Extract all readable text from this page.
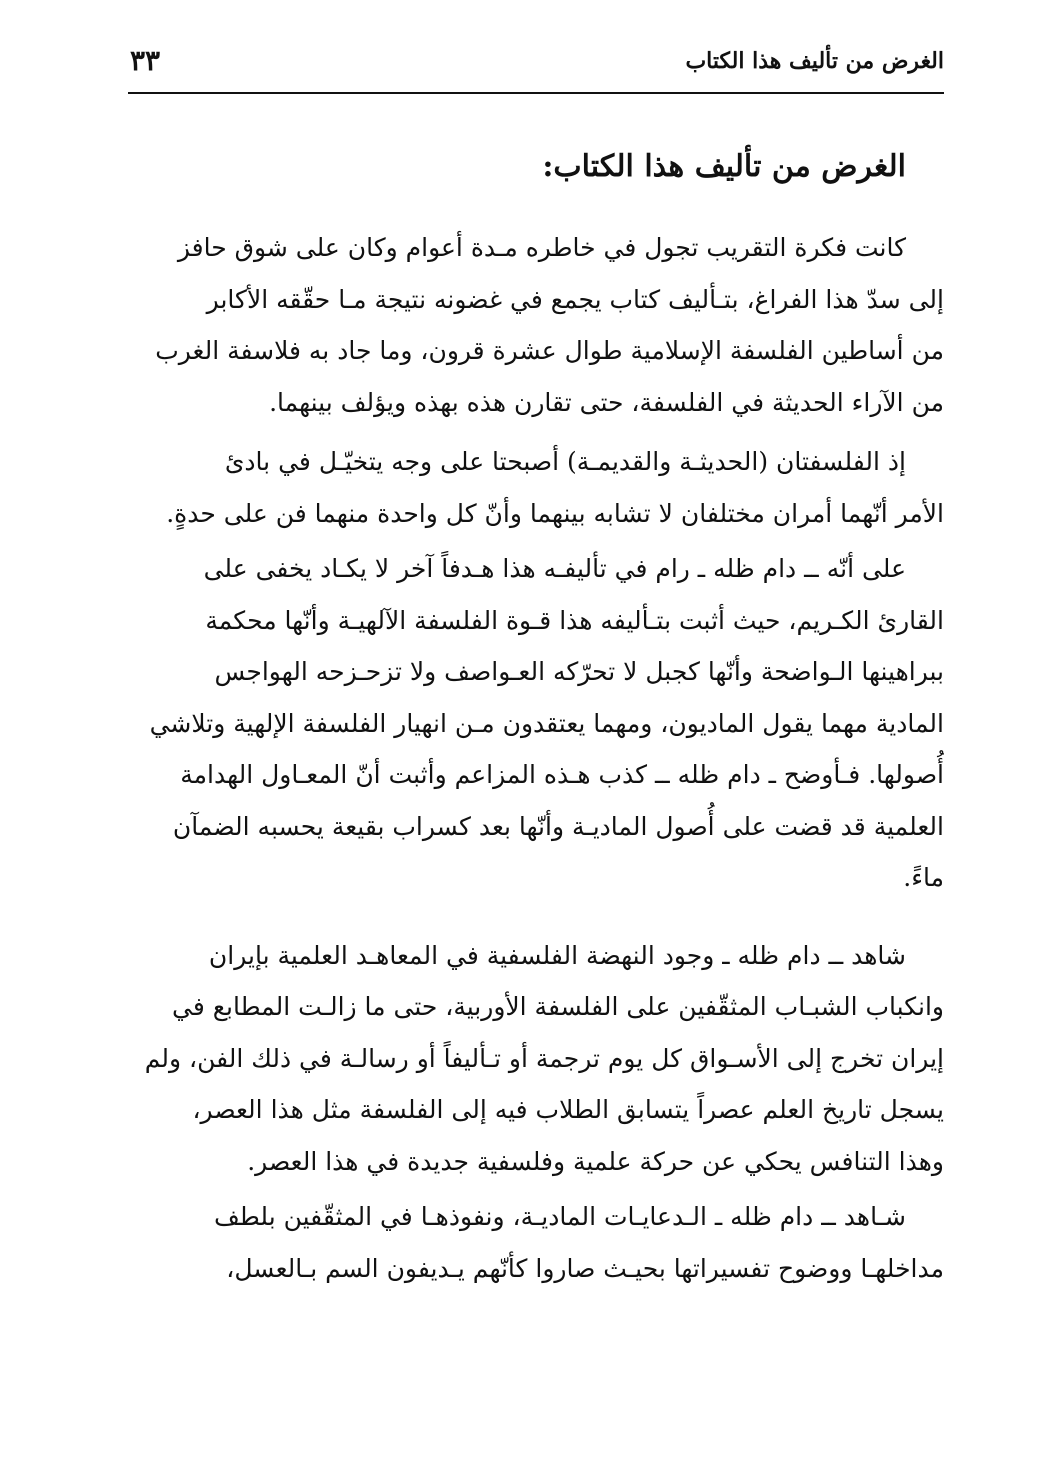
الغرض من تأليف هذا الكتاب
٣٣
الغرض من تأليف هذا الكتاب:

كانت فكرة التقريب تجول في خاطره مـدة أعوام وكان على شوق حافز
إلى سدّ هذا الفراغ، بتـأليف كتاب يجمع في غضونه نتيجة مـا حقّقه الأكابر
من أساطين الفلسفة الإسلامية طوال عشرة قرون، وما جاد به فلاسفة الغرب
من الآراء الحديثة في الفلسفة، حتى تقارن هذه بهذه ويؤلف بينهما.

إذ الفلسفتان (الحديثـة والقديمـة) أصبحتا على وجه يتخيّـل في بادئ
الأمر أنّهما أمران مختلفان لا تشابه بينهما وأنّ كل واحدة منهما فن على حدةٍ.

على أنّه ــ دام ظله ـ رام في تأليفـه هذا هـدفاً آخر لا يكـاد يخفى على
القارئ الكـريم، حيث أثبت بتـأليفه هذا قـوة الفلسفة الآلهيـة وأنّها محكمة
ببراهينها الـواضحة وأنّها كجبل لا تحرّكه العـواصف ولا تزحـزحه الهواجس
المادية مهما يقول الماديون، ومهما يعتقدون مـن انهيار الفلسفة الإلهية وتلاشي
أُصولها. فـأوضح ـ دام ظله ــ كذب هـذه المزاعم وأثبت أنّ المعـاول الهدامة
العلمية قد قضت على أُصول الماديـة وأنّها بعد كسراب بقيعة يحسبه الضمآن
ماءً.

شاهد ــ دام ظله ـ وجود النهضة الفلسفية في المعاهـد العلمية بإيران
وانكباب الشبـاب المثقّفين على الفلسفة الأوربية، حتى ما زالـت المطابع في
إيران تخرج إلى الأسـواق كل يوم ترجمة أو تـأليفاً أو رسالـة في ذلك الفن، ولم
يسجل تاريخ العلم عصراً يتسابق الطلاب فيه إلى الفلسفة مثل هذا العصر،
وهذا التنافس يحكي عن حركة علمية وفلسفية جديدة في هذا العصر.

شـاهد ــ دام ظله ـ الـدعايـات الماديـة، ونفوذهـا في المثقّفين بلطف
مداخلهـا ووضوح تفسيراتها بحيـث صاروا كأنّهم يـديفون السم بـالعسل،
